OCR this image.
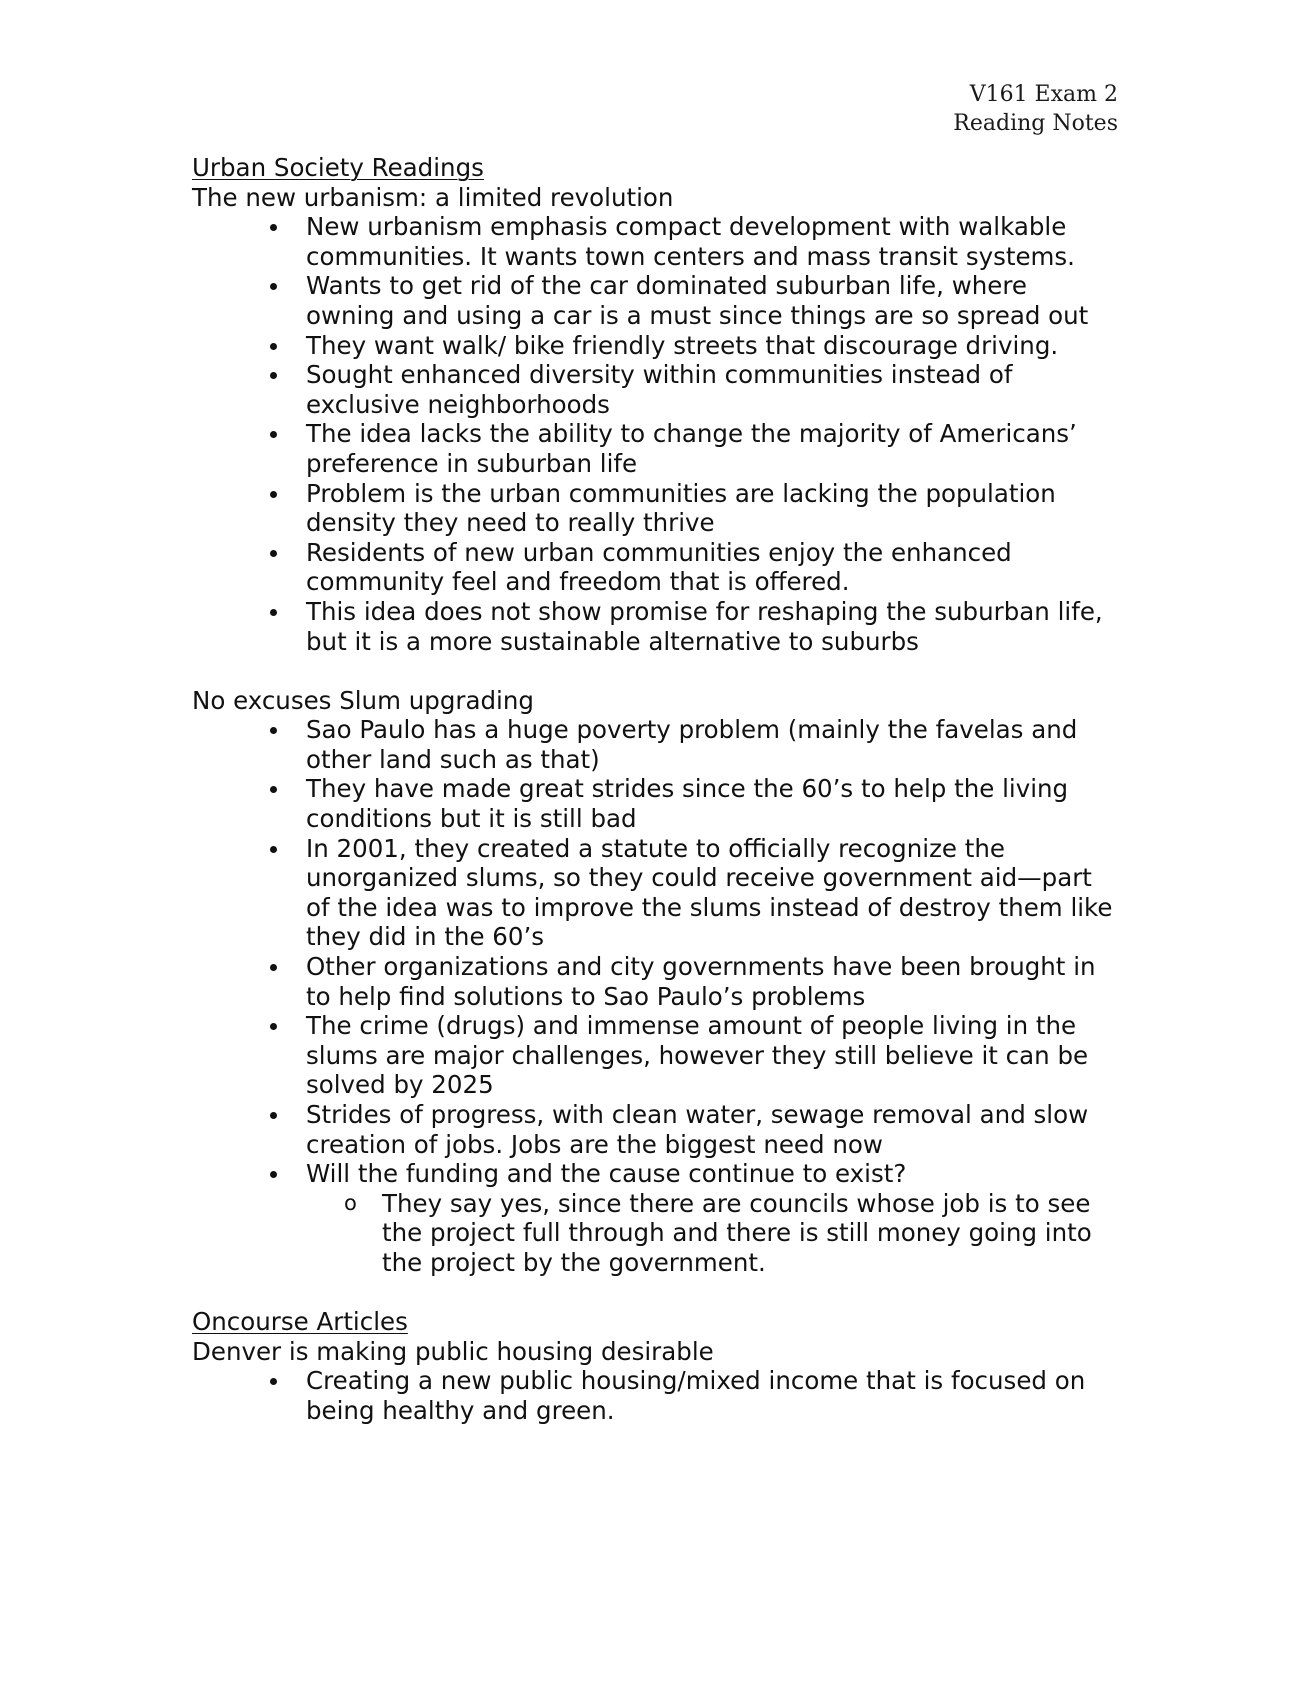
V161 Exam 2
Reading Notes
Urban Society Readings
The new urbanism: a limited revolution
New urbanism emphasis compact development with walkable communities. It wants town centers and mass transit systems.
Wants to get rid of the car dominated suburban life, where owning and using a car is a must since things are so spread out
They want walk/ bike friendly streets that discourage driving.
Sought enhanced diversity within communities instead of exclusive neighborhoods
The idea lacks the ability to change the majority of Americans’ preference in suburban life
Problem is the urban communities are lacking the population density they need to really thrive
Residents of new urban communities enjoy the enhanced community feel and freedom that is offered.
This idea does not show promise for reshaping the suburban life, but it is a more sustainable alternative to suburbs
No excuses Slum upgrading
Sao Paulo has a huge poverty problem (mainly the favelas and other land such as that)
They have made great strides since the 60’s to help the living conditions but it is still bad
In 2001, they created a statute to officially recognize the unorganized slums, so they could receive government aid—part of the idea was to improve the slums instead of destroy them like they did in the 60’s
Other organizations and city governments have been brought in to help find solutions to Sao Paulo’s problems
The crime (drugs) and immense amount of people living in the slums are major challenges, however they still believe it can be solved by 2025
Strides of progress, with clean water, sewage removal and slow creation of jobs. Jobs are the biggest need now
Will the funding and the cause continue to exist?
o They say yes, since there are councils whose job is to see the project full through and there is still money going into the project by the government.
Oncourse Articles
Denver is making public housing desirable
Creating a new public housing/mixed income that is focused on being healthy and green.
